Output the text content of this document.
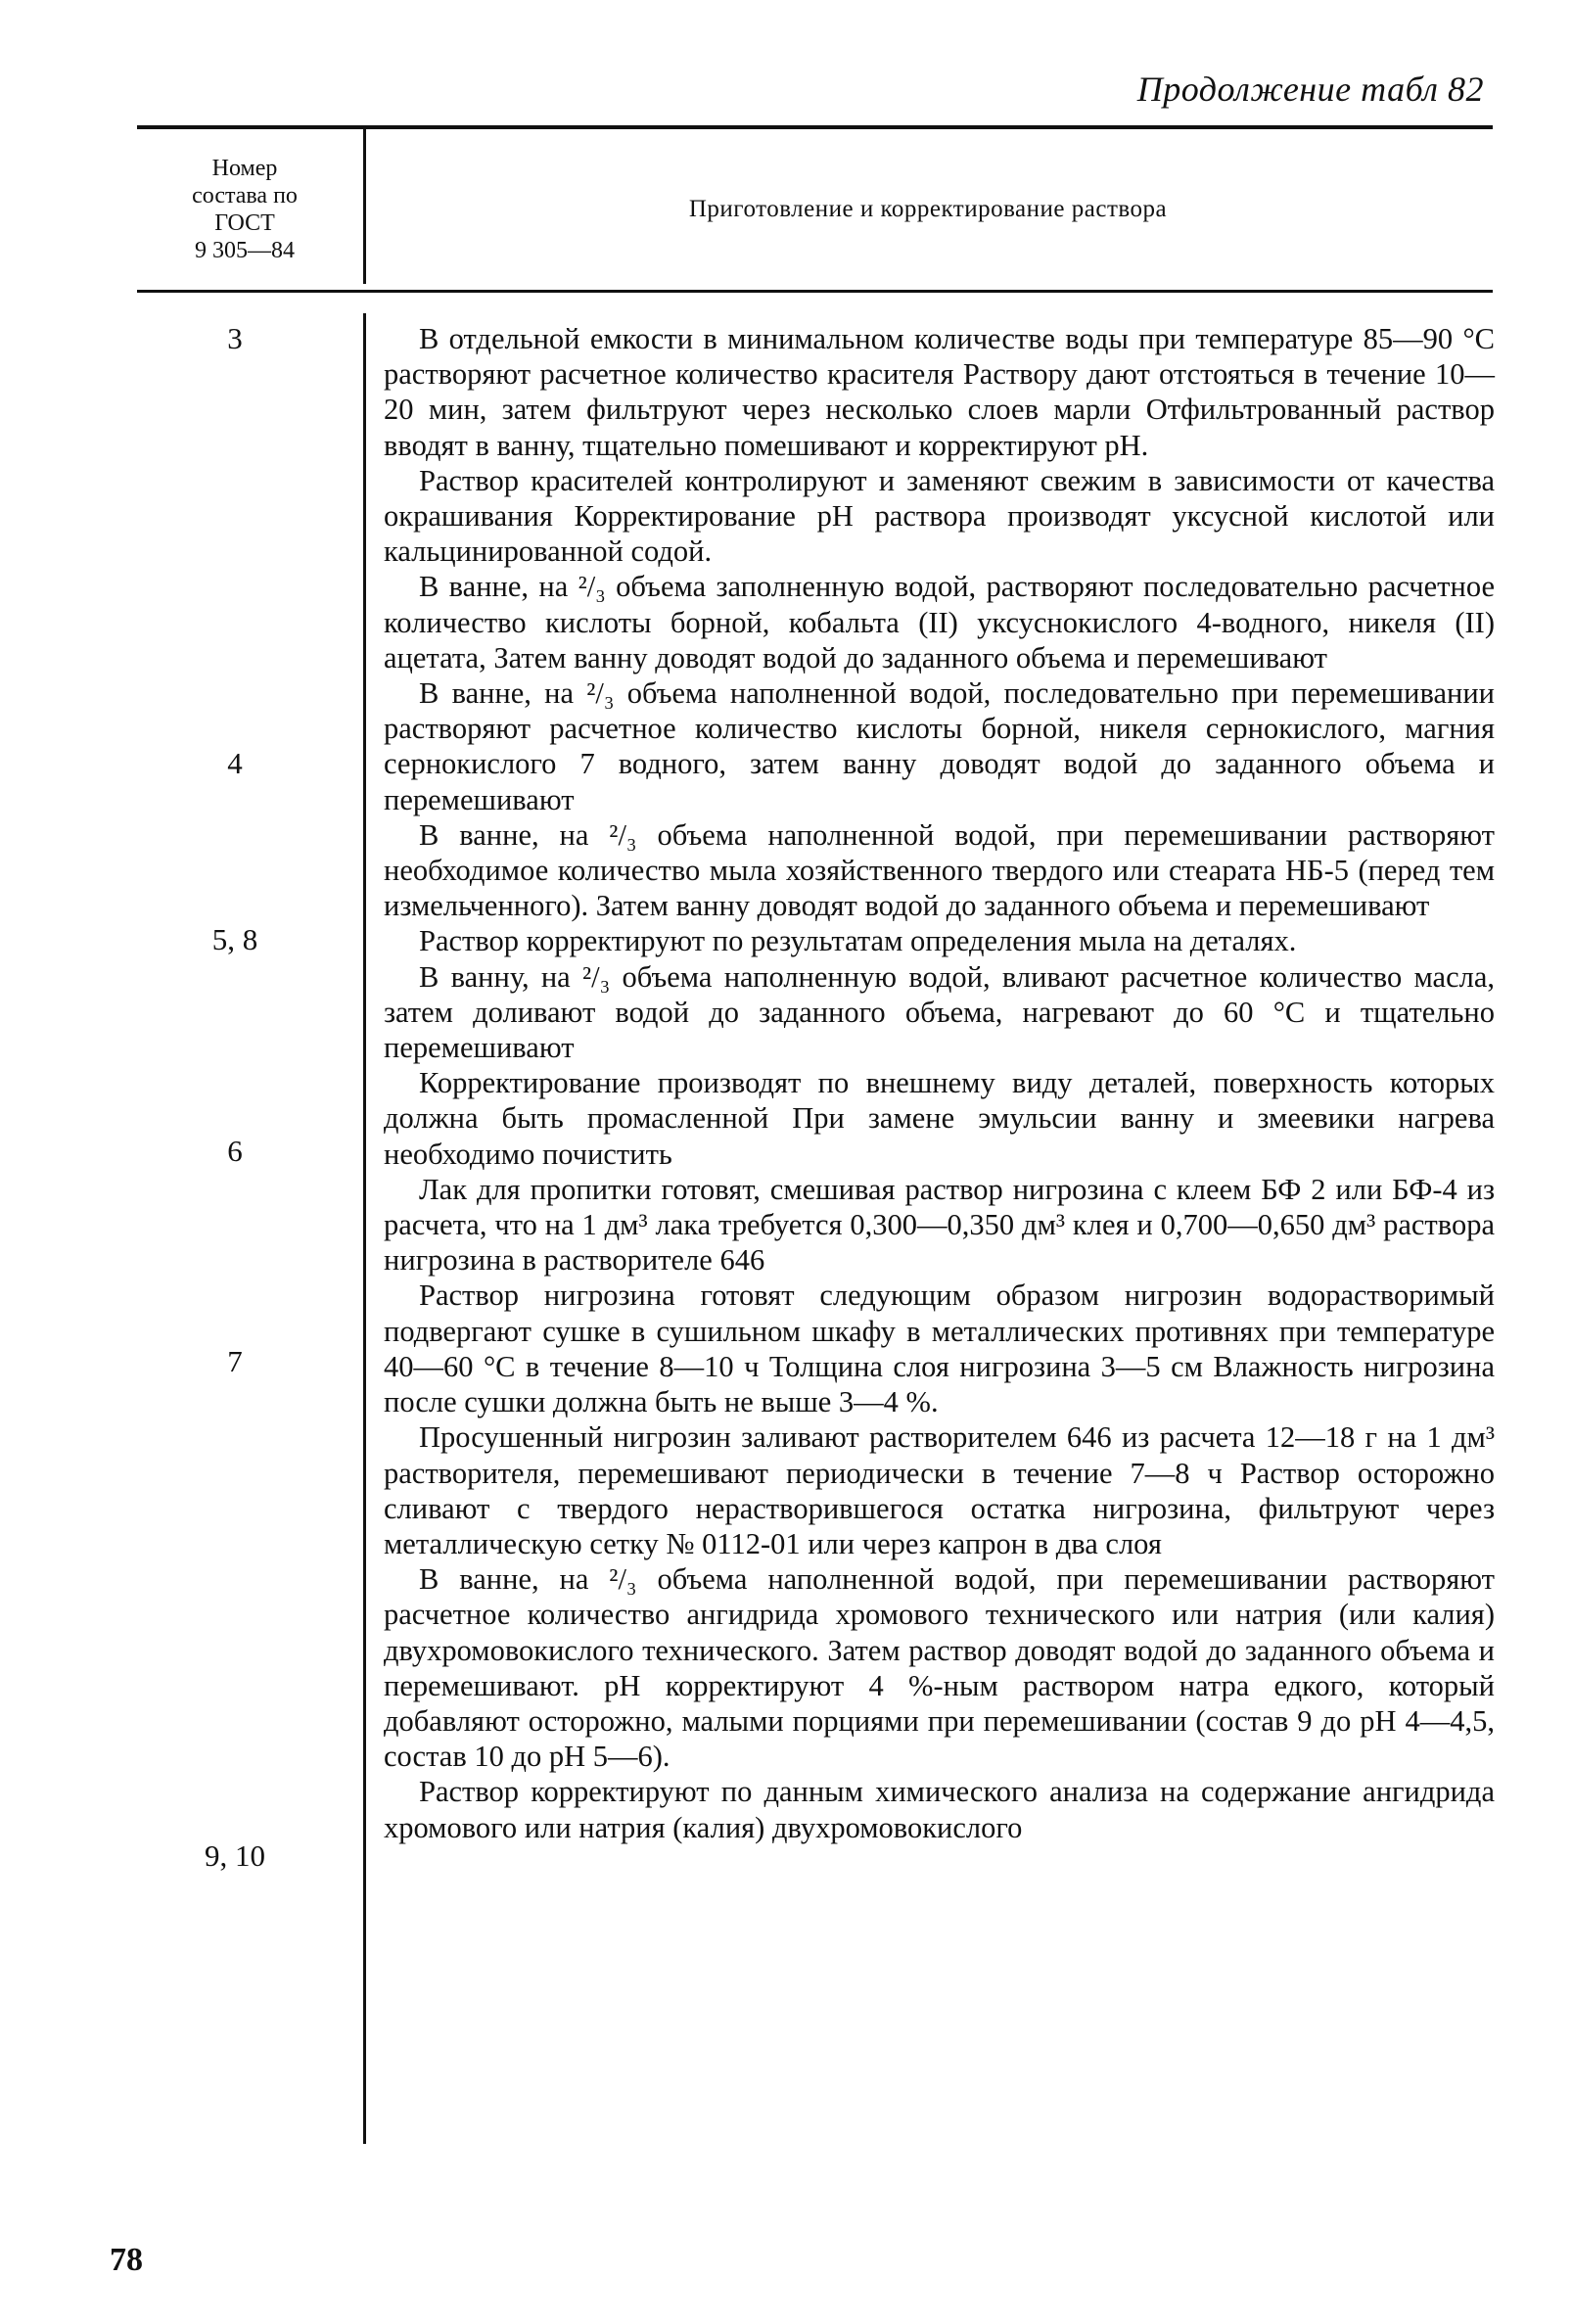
Продолжение табл 82
Номер
состава по
ГОСТ
9 305—84
Приготовление и корректирование раствора
3
4
5, 8
6
7
9, 10

В отдельной емкости в минимальном количестве воды при температуре 85—90 °С растворяют расчетное количество красителя Раствору дают отстояться в течение 10—20 мин, затем фильтруют через несколько слоев марли Отфильтрованный раствор вводят в ванну, тщательно помешивают и корректируют pH.

Раствор красителей контролируют и заменяют свежим в зависимости от качества окрашивания Корректирование pH раствора производят уксусной кислотой или кальцинированной содой.

В ванне, на ²/₃ объема заполненную водой, растворяют последовательно расчетное количество кислоты борной, кобальта (II) уксуснокислого 4-водного, никеля (II) ацетата, Затем ванну доводят водой до заданного объема и перемешивают

В ванне, на ²/₃ объема наполненной водой, последовательно при перемешивании растворяют расчетное количество кислоты борной, никеля сернокислого, магния сернокислого 7 водного, затем ванну доводят водой до заданного объема и перемешивают

В ванне, на ²/₃ объема наполненной водой, при перемешивании растворяют необходимое количество мыла хозяйственного твердого или стеарата НБ-5 (перед тем измельченного). Затем ванну доводят водой до заданного объема и перемешивают

Раствор корректируют по результатам определения мыла на деталях.

В ванну, на ²/₃ объема наполненную водой, вливают расчетное количество масла, затем доливают водой до заданного объема, нагревают до 60 °С и тщательно перемешивают

Корректирование производят по внешнему виду деталей, поверхность которых должна быть промасленной При замене эмульсии ванну и змеевики нагрева необходимо почистить

Лак для пропитки готовят, смешивая раствор нигрозина с клеем БФ 2 или БФ-4 из расчета, что на 1 дм³ лака требуется 0,300—0,350 дм³ клея и 0,700—0,650 дм³ раствора нигрозина в растворителе 646

Раствор нигрозина готовят следующим образом нигрозин водорастворимый подвергают сушке в сушильном шкафу в металлических противнях при температуре 40—60 °С в течение 8—10 ч Толщина слоя нигрозина 3—5 см Влажность нигрозина после сушки должна быть не выше 3—4 %.

Просушенный нигрозин заливают растворителем 646 из расчета 12—18 г на 1 дм³ растворителя, перемешивают периодически в течение 7—8 ч Раствор осторожно сливают с твердого нерастворившегося остатка нигрозина, фильтруют через металлическую сетку № 0112-01 или через капрон в два слоя

В ванне, на ²/₃ объема наполненной водой, при перемешивании растворяют расчетное количество ангидрида хромового технического или натрия (или калия) двухромовокислого технического. Затем раствор доводят водой до заданного объема и перемешивают. pH корректируют 4 %-ным раствором натра едкого, который добавляют осторожно, малыми порциями при перемешивании (состав 9 до pH 4—4,5, состав 10 до pH 5—6).

Раствор корректируют по данным химического анализа на содержание ангидрида хромового или натрия (калия) двухромовокислого

78
